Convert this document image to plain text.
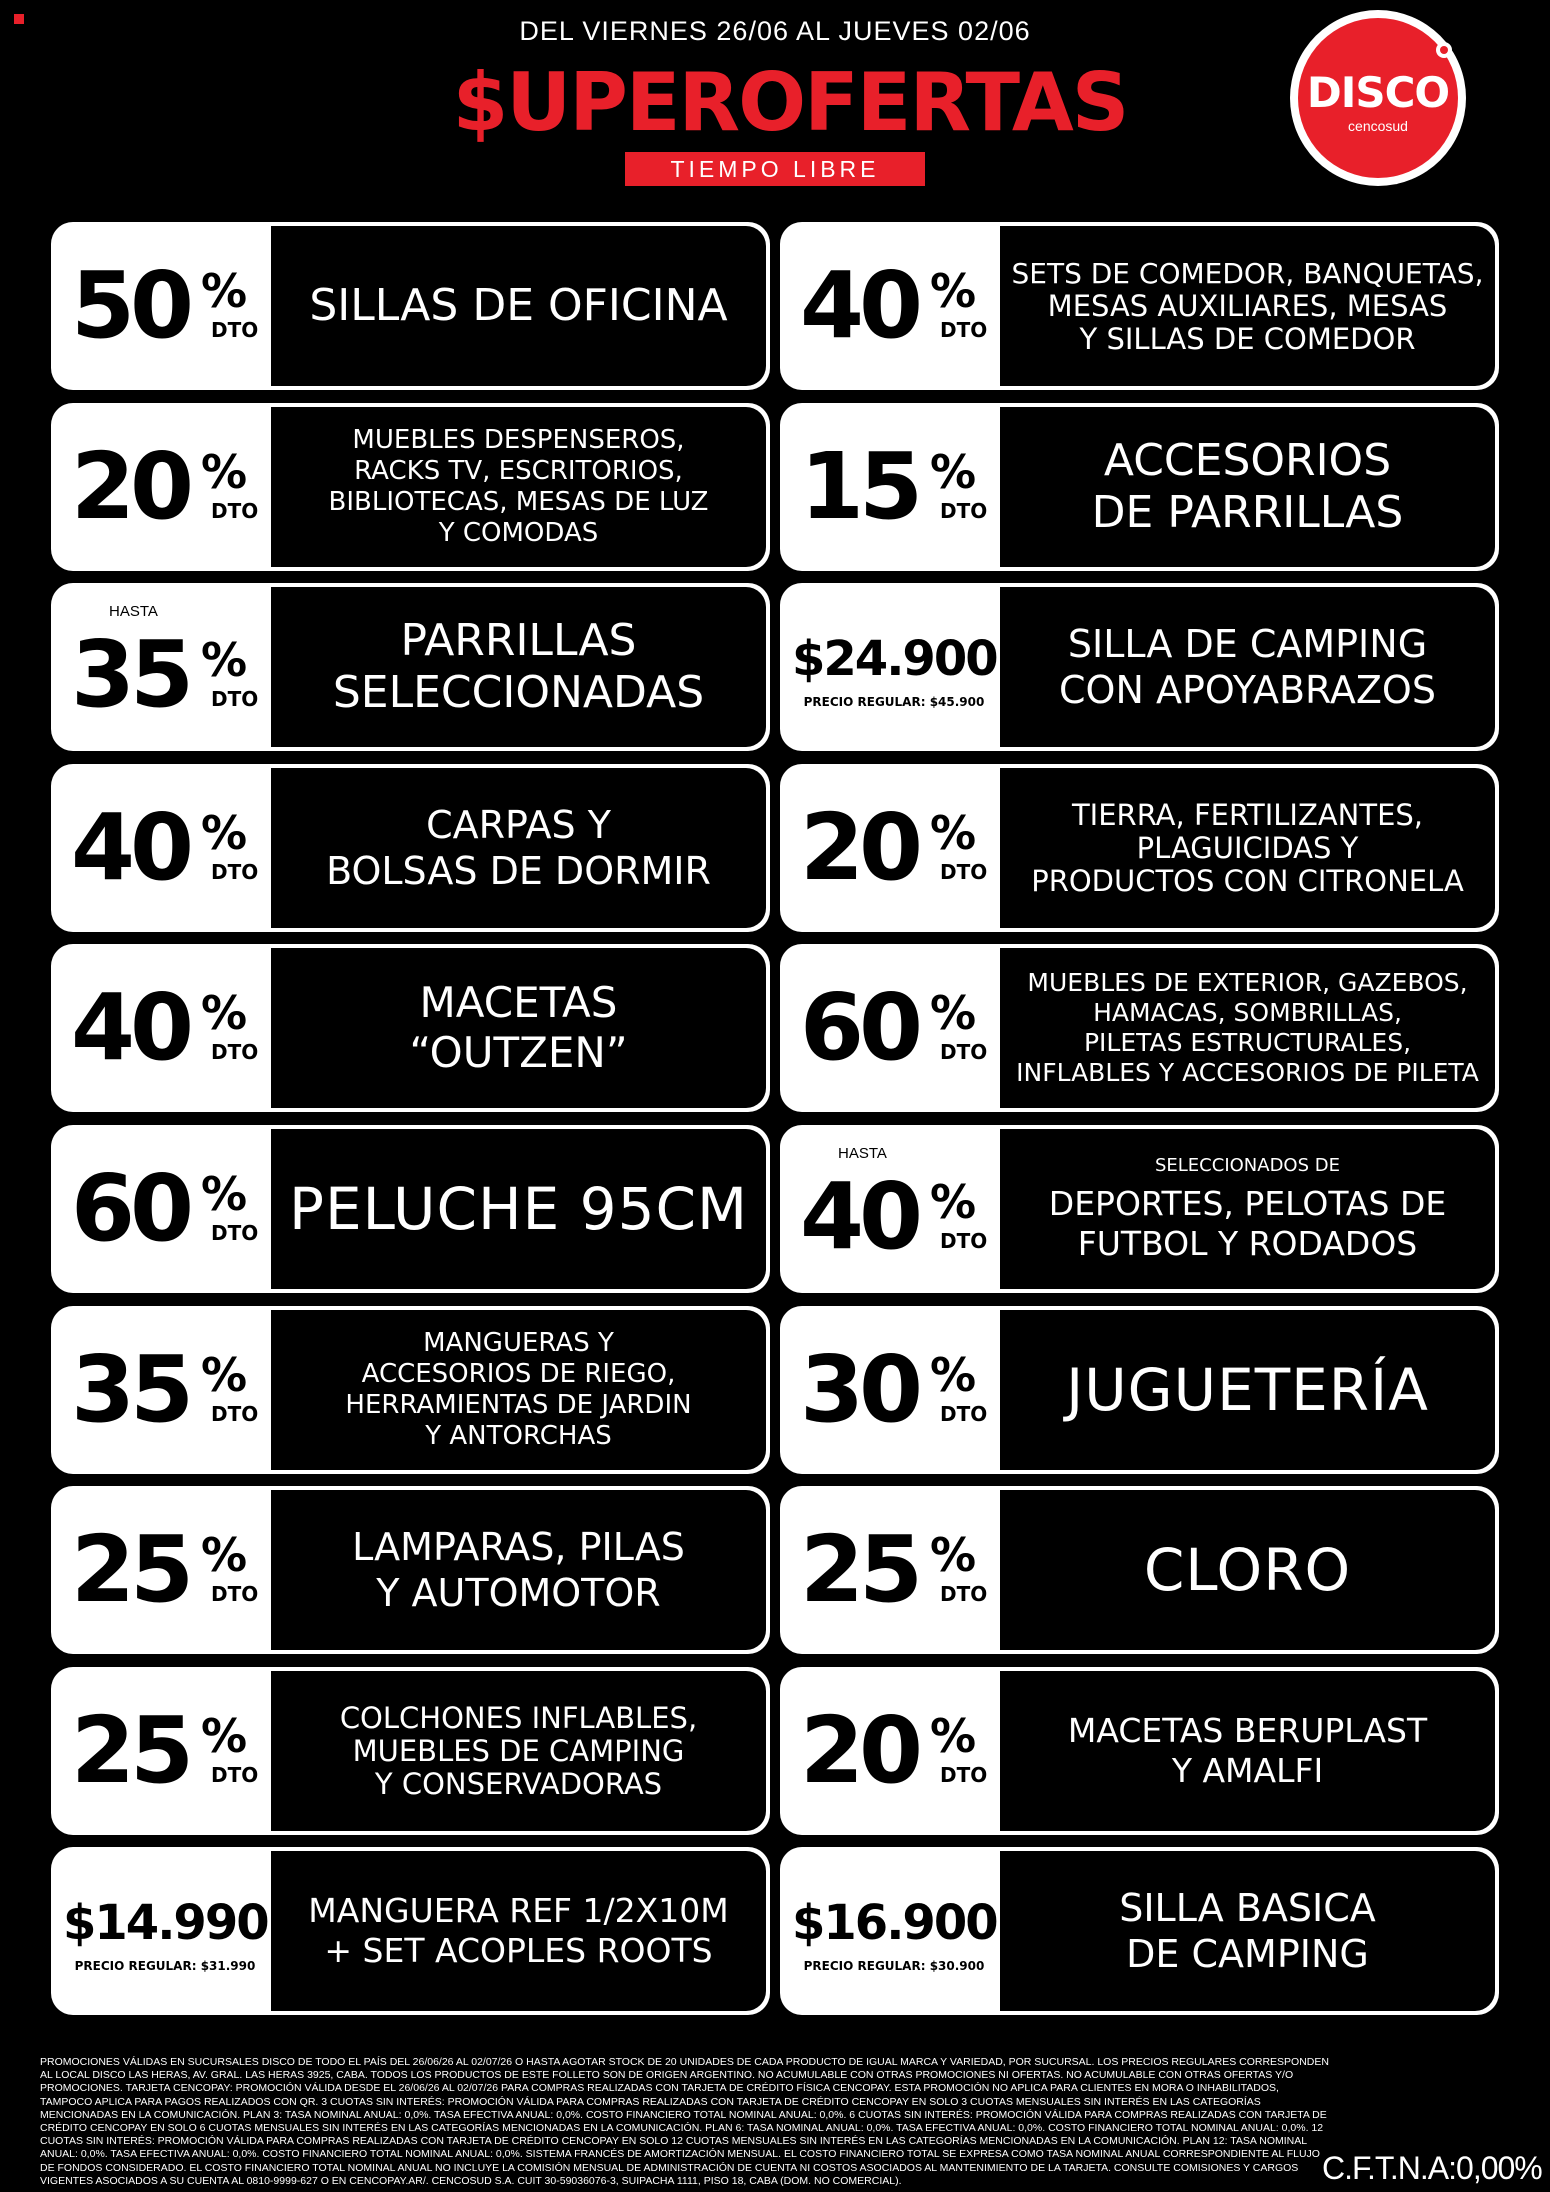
DEL VIERNES 26/06 AL JUEVES 02/06
$UPEROFERTAS
TIEMPO LIBRE
DISCO
cencosud
50 %
DTO SILLAS DE OFICINA 40 %
DTO
SETS DE COMEDOR, BANQUETAS,
MESAS AUXILIARES, MESAS
Y SILLAS DE COMEDOR
20 %
DTO
MUEBLES DESPENSEROS,
RACKS TV, ESCRITORIOS,
BIBLIOTECAS, MESAS DE LUZ
Y COMODAS 15 %
DTO
ACCESORIOS
DE PARRILLAS
HASTA
35 %
DTO
PARRILLAS
SELECCIONADAS
$24.900
PRECIO REGULAR: $45.900
SILLA DE CAMPING
CON APOYABRAZOS
40 %
DTO
CARPAS Y
BOLSAS DE DORMIR 20 %
DTO
TIERRA, FERTILIZANTES,
PLAGUICIDAS Y
PRODUCTOS CON CITRONELA
40 %
DTO
MACETAS
“OUTZEN” 60 %
DTO
MUEBLES DE EXTERIOR, GAZEBOS,
HAMACAS, SOMBRILLAS,
PILETAS ESTRUCTURALES,
INFLABLES Y ACCESORIOS DE PILETA
60 %
DTO PELUCHE 95CM
HASTA
40 %
DTO
SELECCIONADOS DE
DEPORTES, PELOTAS DE
FUTBOL Y RODADOS
35 %
DTO
MANGUERAS Y
ACCESORIOS DE RIEGO,
HERRAMIENTAS DE JARDIN
Y ANTORCHAS 30 %
DTO JUGUETERÍA
25 %
DTO
LAMPARAS, PILAS
Y AUTOMOTOR 25 %
DTO	CLORO
25 %
DTO
COLCHONES INFLABLES,
MUEBLES DE CAMPING
Y CONSERVADORAS 20 %
DTO
MACETAS BERUPLAST
Y AMALFI
$14.990
PRECIO REGULAR: $31.990
MANGUERA REF 1/2X10M
+ SET ACOPLES ROOTS $16.900
PRECIO REGULAR: $30.900
SILLA BASICA
DE CAMPING
PROMOCIONES VÁLIDAS EN SUCURSALES DISCO DE TODO EL PAÍS DEL 26/06/26 AL 02/07/26 O HASTA AGOTAR STOCK DE 20 UNIDADES DE CADA PRODUCTO DE IGUAL MARCA Y VARIEDAD, POR SUCURSAL. LOS PRECIOS REGULARES CORRESPONDEN AL LOCAL DISCO LAS HERAS, AV. GRAL. LAS HERAS 3925, CABA. TODOS LOS PRODUCTOS DE ESTE FOLLETO SON DE ORIGEN ARGENTINO. NO ACUMULABLE CON OTRAS PROMOCIONES NI OFERTAS. NO ACUMULABLE CON OTRAS OFERTAS Y/O PROMOCIONES. TARJETA CENCOPAY: PROMOCIÓN VÁLIDA DESDE EL 26/06/26 AL 02/07/26 PARA COMPRAS REALIZADAS CON TARJETA DE CRÉDITO FÍSICA CENCOPAY. ESTA PROMOCIÓN NO APLICA PARA CLIENTES EN MORA O INHABILITADOS, TAMPOCO APLICA PARA PAGOS REALIZADOS CON QR. 3 CUOTAS SIN INTERÉS: PROMOCIÓN VÁLIDA PARA COMPRAS REALIZADAS CON TARJETA DE CRÉDITO CENCOPAY EN SOLO 3 CUOTAS MENSUALES SIN INTERÉS EN LAS CATEGORÍAS MENCIONADAS EN LA COMUNICACIÓN. PLAN 3: TASA NOMINAL ANUAL: 0,0%. TASA EFECTIVA ANUAL: 0,0%. COSTO FINANCIERO TOTAL NOMINAL ANUAL: 0,0%. 6 CUOTAS SIN INTERÉS: PROMOCIÓN VÁLIDA PARA COMPRAS REALIZADAS CON TARJETA DE CRÉDITO CENCOPAY EN SOLO 6 CUOTAS MENSUALES SIN INTERÉS EN LAS CATEGORÍAS MENCIONADAS EN LA COMUNICACIÓN. PLAN 6: TASA NOMINAL ANUAL: 0,0%. TASA EFECTIVA ANUAL: 0,0%. COSTO FINANCIERO TOTAL NOMINAL ANUAL: 0,0%. 12 CUOTAS SIN INTERÉS: PROMOCIÓN VÁLIDA PARA COMPRAS REALIZADAS CON TARJETA DE CRÉDITO CENCOPAY EN SOLO 12 CUOTAS MENSUALES SIN INTERÉS EN LAS CATEGORÍAS MENCIONADAS EN LA COMUNICACIÓN. PLAN 12: TASA NOMINAL ANUAL: 0,0%. TASA EFECTIVA ANUAL: 0,0%. COSTO FINANCIERO TOTAL NOMINAL ANUAL: 0,0%. SISTEMA FRANCÉS DE AMORTIZACIÓN MENSUAL. EL COSTO FINANCIERO TOTAL SE EXPRESA COMO TASA NOMINAL ANUAL CORRESPONDIENTE AL FLUJO DE FONDOS CONSIDERADO. EL COSTO FINANCIERO TOTAL NOMINAL ANUAL NO INCLUYE LA COMISIÓN MENSUAL DE ADMINISTRACIÓN DE CUENTA NI COSTOS ASOCIADOS AL MANTENIMIENTO DE LA TARJETA. CONSULTE COMISIONES Y CARGOS VIGENTES ASOCIADOS A SU CUENTA AL 0810-9999-627 O EN CENCOPAY.AR/. CENCOSUD S.A. CUIT 30-59036076-3, SUIPACHA 1111, PISO 18, CABA (DOM. NO COMERCIAL).	C.F.T.N.A:0,00%
